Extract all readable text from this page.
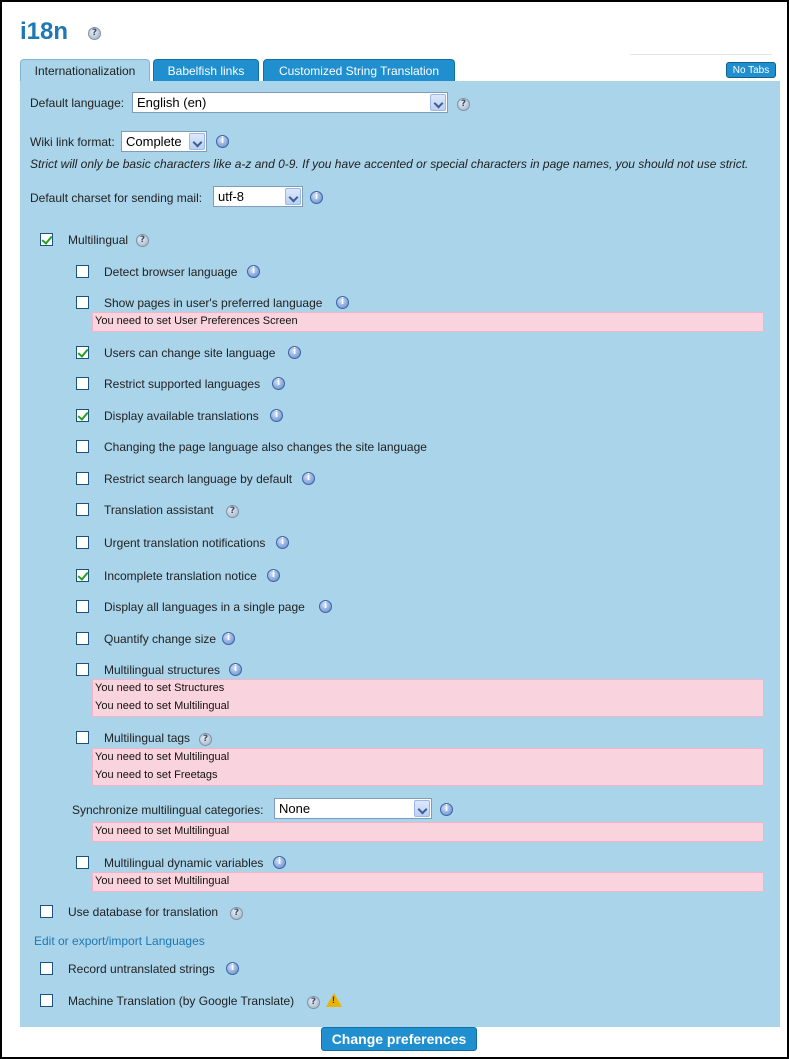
i18n	?
Internationalization	Babelfish links	Customized String Translation	No Tabs
Default language: English (en)	?
Wiki link format: Complete	i
Strict will only be basic characters like a-z and 0-9. If you have accented or special characters in page names, you should not use strict.
Default charset for sending mail:	utf-8	i
Multilingual	?
Detect browser language	i
Show pages in user's preferred language	i
You need to set User Preferences Screen
Users can change site language	i
Restrict supported languages	i
Display available translations	i
Changing the page language also changes the site language
Restrict search language by default	i
Translation assistant	?
Urgent translation notifications	i
Incomplete translation notice	i
Display all languages in a single page	i
Quantify change size	i
Multilingual structures	i
You need to set Structures
You need to set Multilingual
Multilingual tags	?
You need to set Multilingual
You need to set Freetags
Synchronize multilingual categories:	None	i
You need to set Multilingual
Multilingual dynamic variables	i
You need to set Multilingual
Use database for translation	?
Edit or export/import Languages
Record untranslated strings	i
Machine Translation (by Google Translate)	?	!
Change preferences
